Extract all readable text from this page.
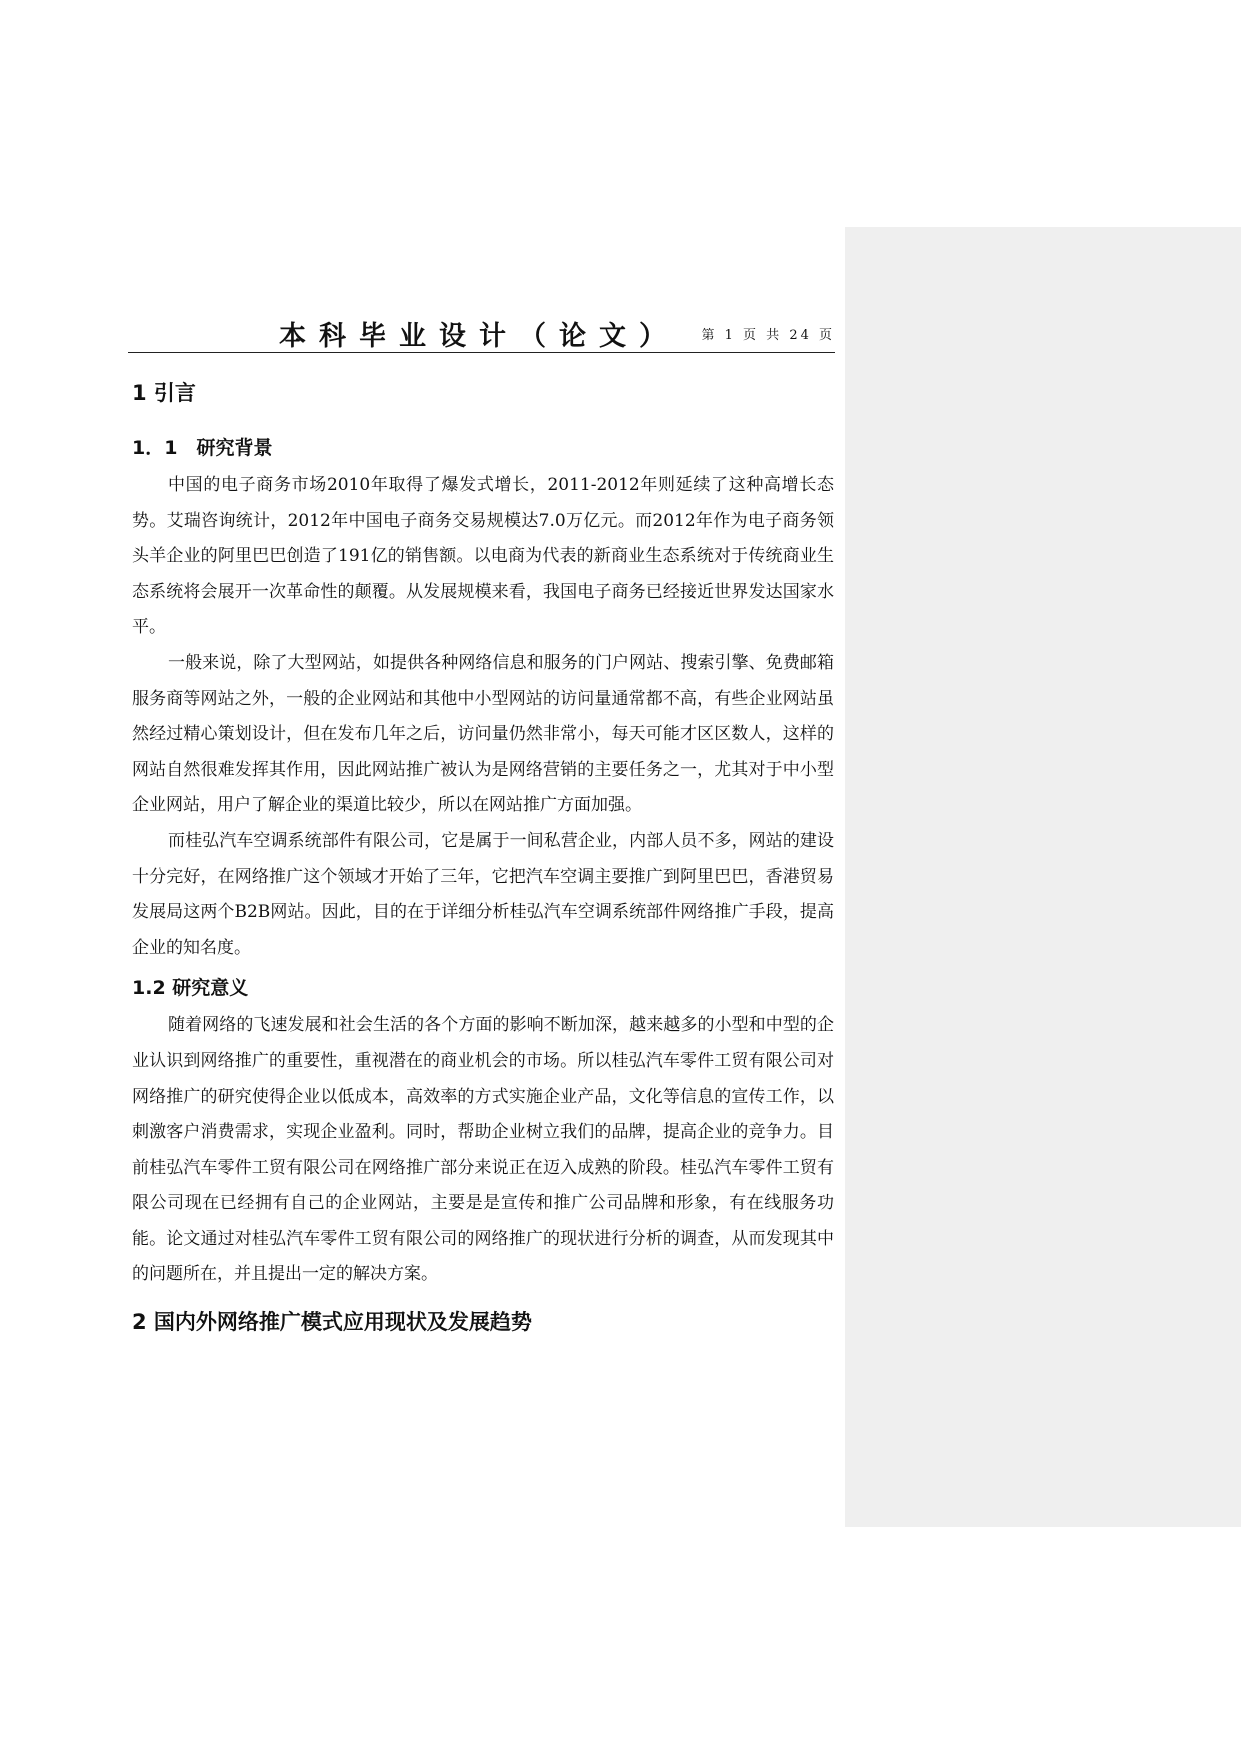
本科毕业设计（论文） 第 1 页 共 24 页
1 引言
1．1　研究背景

中国的电子商务市场2010年取得了爆发式增长，2011-2012年则延续了这种高增长态势。艾瑞咨询统计，2012年中国电子商务交易规模达7.0万亿元。而2012年作为电子商务领头羊企业的阿里巴巴创造了191亿的销售额。以电商为代表的新商业生态系统对于传统商业生态系统将会展开一次革命性的颠覆。从发展规模来看，我国电子商务已经接近世界发达国家水平。

一般来说，除了大型网站，如提供各种网络信息和服务的门户网站、搜索引擎、免费邮箱服务商等网站之外，一般的企业网站和其他中小型网站的访问量通常都不高，有些企业网站虽然经过精心策划设计，但在发布几年之后，访问量仍然非常小，每天可能才区区数人，这样的网站自然很难发挥其作用，因此网站推广被认为是网络营销的主要任务之一，尤其对于中小型企业网站，用户了解企业的渠道比较少，所以在网站推广方面加强。

而桂弘汽车空调系统部件有限公司，它是属于一间私营企业，内部人员不多，网站的建设十分完好，在网络推广这个领域才开始了三年，它把汽车空调主要推广到阿里巴巴，香港贸易发展局这两个B2B网站。因此，目的在于详细分析桂弘汽车空调系统部件网络推广手段，提高企业的知名度。

1.2 研究意义

随着网络的飞速发展和社会生活的各个方面的影响不断加深，越来越多的小型和中型的企业认识到网络推广的重要性，重视潜在的商业机会的市场。所以桂弘汽车零件工贸有限公司对网络推广的研究使得企业以低成本，高效率的方式实施企业产品，文化等信息的宣传工作，以刺激客户消费需求，实现企业盈利。同时，帮助企业树立我们的品牌，提高企业的竞争力。目前桂弘汽车零件工贸有限公司在网络推广部分来说正在迈入成熟的阶段。桂弘汽车零件工贸有限公司现在已经拥有自己的企业网站，主要是是宣传和推广公司品牌和形象，有在线服务功能。论文通过对桂弘汽车零件工贸有限公司的网络推广的现状进行分析的调查，从而发现其中的问题所在，并且提出一定的解决方案。

2 国内外网络推广模式应用现状及发展趋势
